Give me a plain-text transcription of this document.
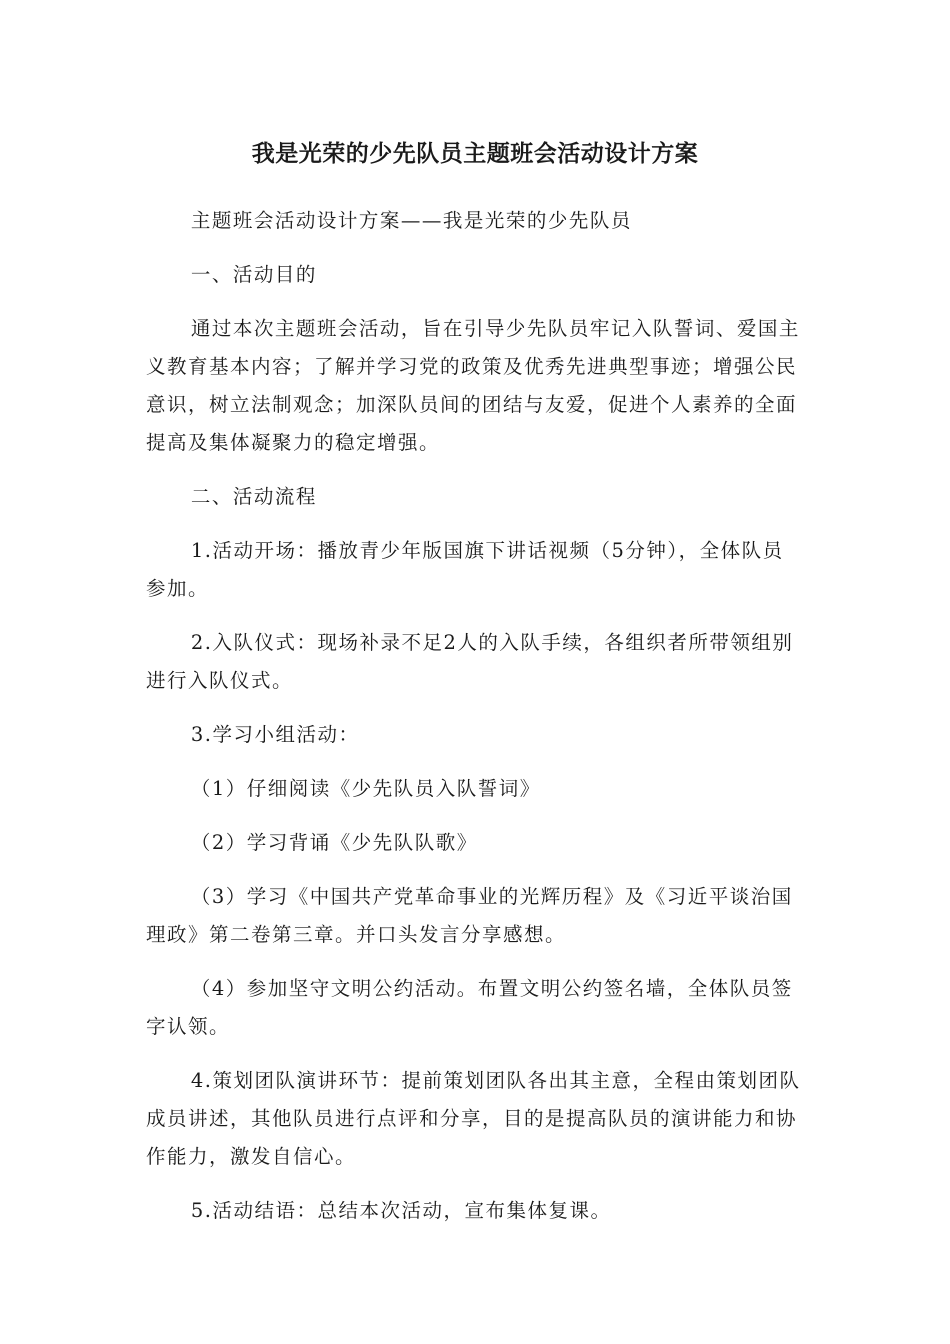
我是光荣的少先队员主题班会活动设计方案

主题班会活动设计方案——我是光荣的少先队员

一、活动目的

通过本次主题班会活动，旨在引导少先队员牢记入队誓词、爱国主义教育基本内容；了解并学习党的政策及优秀先进典型事迹；增强公民意识，树立法制观念；加深队员间的团结与友爱，促进个人素养的全面提高及集体凝聚力的稳定增强。

二、活动流程

1.活动开场：播放青少年版国旗下讲话视频（5分钟），全体队员参加。

2.入队仪式：现场补录不足2人的入队手续，各组织者所带领组别进行入队仪式。

3.学习小组活动：

（1）仔细阅读《少先队员入队誓词》

（2）学习背诵《少先队队歌》

（3）学习《中国共产党革命事业的光辉历程》及《习近平谈治国理政》第二卷第三章。并口头发言分享感想。

（4）参加坚守文明公约活动。布置文明公约签名墙，全体队员签字认领。

4.策划团队演讲环节：提前策划团队各出其主意，全程由策划团队成员讲述，其他队员进行点评和分享，目的是提高队员的演讲能力和协作能力，激发自信心。

5.活动结语：总结本次活动，宣布集体复课。
